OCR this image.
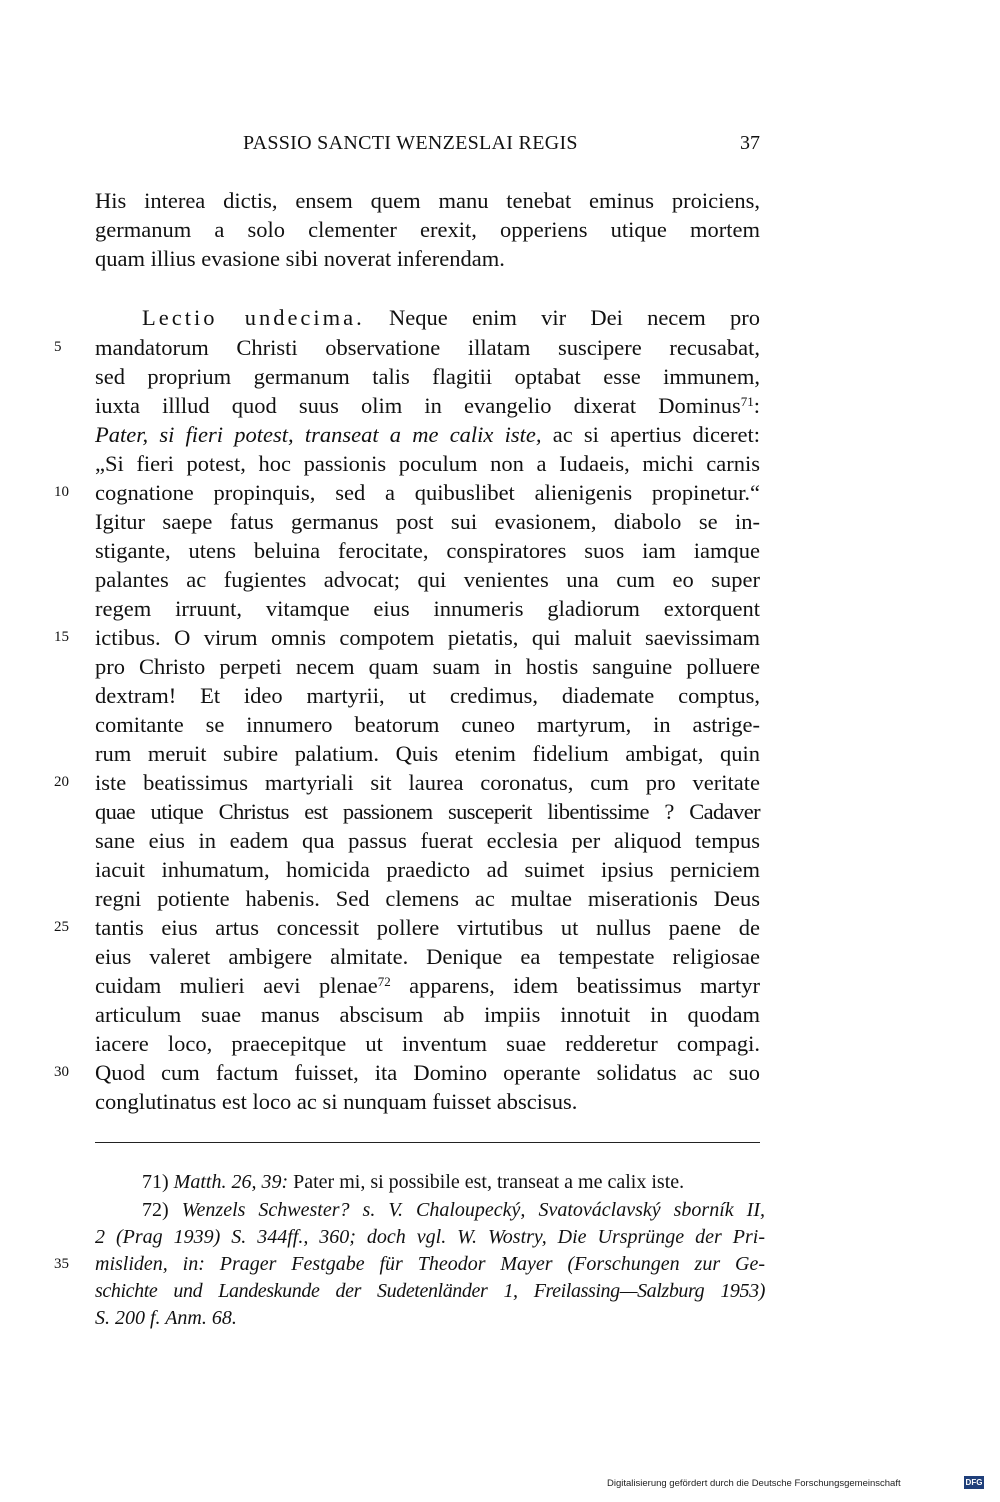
PASSIO SANCTI WENZESLAI REGIS	37
His interea dictis, ensem quem manu tenebat eminus proiciens,
germanum a solo clementer erexit, opperiens utique mortem
quam illius evasione sibi noverat inferendam.
Lectio undecima. Neque enim vir Dei necem pro
5 mandatorum Christi observatione illatam suscipere recusabat,
sed proprium germanum talis flagitii optabat esse immunem,
iuxta illlud quod suus olim in evangelio dixerat Dominus$^{71}$:
Pater, si fieri potest, transeat a me calix iste, ac si apertius diceret:
„Si fieri potest, hoc passionis poculum non a Iudaeis, michi carnis
10 cognatione propinquis, sed a quibuslibet alienigenis propinetur.“
Igitur saepe fatus germanus post sui evasionem, diabolo se in-
stigante, utens beluina ferocitate, conspiratores suos iam iamque
palantes ac fugientes advocat; qui venientes una cum eo super
regem irruunt, vitamque eius innumeris gladiorum extorquent
15 ictibus. O virum omnis compotem pietatis, qui maluit saevissimam
pro Christo perpeti necem quam suam in hostis sanguine polluere
dextram! Et ideo martyrii, ut credimus, diademate comptus,
comitante se innumero beatorum cuneo martyrum, in astrige-
rum meruit subire palatium. Quis etenim fidelium ambigat, quin
20 iste beatissimus martyriali sit laurea coronatus, cum pro veritate
quae utique Christus est passionem susceperit libentissime ? Cadaver
sane eius in eadem qua passus fuerat ecclesia per aliquod tempus
iacuit inhumatum, homicida praedicto ad suimet ipsius perniciem
regni potiente habenis. Sed clemens ac multae miserationis Deus
25 tantis eius artus concessit pollere virtutibus ut nullus paene de
eius valeret ambigere almitate. Denique ea tempestate religiosae
cuidam mulieri aevi plenae$^{72}$ apparens, idem beatissimus martyr
articulum suae manus abscisum ab impiis innotuit in quodam
iacere loco, praecepitque ut inventum suae redderetur compagi.
30 Quod cum factum fuisset, ita Domino operante solidatus ac suo
conglutinatus est loco ac si nunquam fuisset abscisus.
71) Matth. 26, 39: Pater mi, si possibile est, transeat a me calix iste.
72) Wenzels Schwester? s. V. Chaloupecký, Svatováclavský sborník II,
2 (Prag 1939) S. 344ff., 360; doch vgl. W. Wostry, Die Ursprünge der Pri-
35 misliden, in: Prager Festgabe für Theodor Mayer (Forschungen zur Ge-
schichte und Landeskunde der Sudetenländer 1, Freilassing—Salzburg 1953)
S. 200 f. Anm. 68.
Digitalisierung gefördert durch die Deutsche Forschungsgemeinschaft	DFG
